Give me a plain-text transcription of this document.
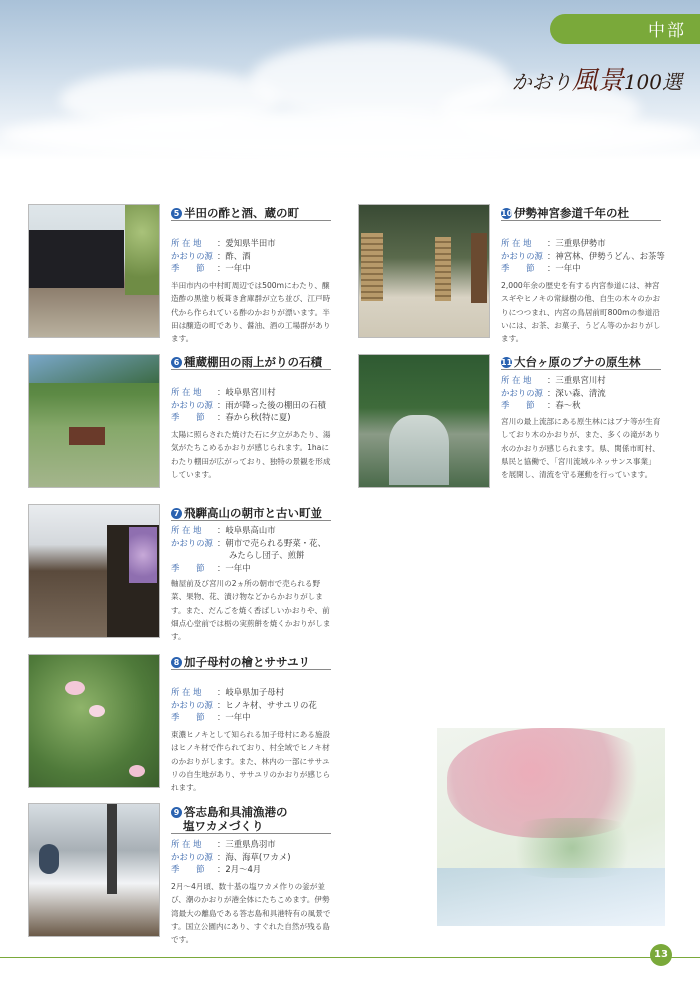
中部
かおり風景100選
5 半田の酢と酒、蔵の町
所 在 地 ：愛知県半田市
かおりの源 ：酢、酒
季　　節 ：一年中
半田市内の中村町周辺では500mにわたり、醸造酢の黒塗り板葺き倉庫群が立ち並び、江戸時代から作られている酢のかおりが漂います。半田は醸造の町であり、醤油、酒の工場群があります。
6 種蔵棚田の雨上がりの石積
所 在 地 ：岐阜県宮川村
かおりの源 ：雨が降った後の棚田の石積
季　　節 ：春から秋(特に夏)
太陽に照らされた焼けた石に夕立があたり、湯気がたちこめるかおりが感じられます。1haにわたり棚田が広がっており、独特の景観を形成しています。
7 飛騨高山の朝市と古い町並
所 在 地 ：岐阜県高山市
かおりの源 ：朝市で売られる野菜・花、
みたらし団子、煎餅
季　　節 ：一年中
軸屋前及び宮川の2ヵ所の朝市で売られる野菜、果物、花、漬け物などからかおりがします。また、だんごを焼く香ばしいかおりや、前畑点心堂前では栃の実煎餅を焼くかおりがします。
8 加子母村の檜とササユリ
所 在 地 ：岐阜県加子母村
かおりの源 ：ヒノキ材、ササユリの花
季　　節 ：一年中
東濃ヒノキとして知られる加子母村にある施設はヒノキ材で作られており、村全域でヒノキ材のかおりがします。また、林内の一部にササユリの自生地があり、ササユリのかおりが感じられます。
9 答志島和具浦漁港の
塩ワカメづくり
所 在 地 ：三重県鳥羽市
かおりの源 ：海、海草(ワカメ)
季　　節 ：2月～4月
2月～4月頃、数十基の塩ワカメ作りの釜が並び、潮のかおりが港全体にたちこめます。伊勢湾最大の離島である答志島和具港特有の風景です。国立公園内にあり、すぐれた自然が残る島です。
10 伊勢神宮参道千年の杜
所 在 地 ：三重県伊勢市
かおりの源 ：神宮林、伊勢うどん、お茶等
季　　節 ：一年中
2,000年余の歴史を有する内宮参道には、神宮スギやヒノキの常緑樹の他、自生の木々のかおりにつつまれ、内宮の鳥居前町800mの参道沿いには、お茶、お菓子、うどん等のかおりがします。
11 大台ヶ原のブナの原生林
所 在 地 ：三重県宮川村
かおりの源 ：深い森、清流
季　　節 ：春～秋
宮川の最上流部にある原生林にはブナ等が生育しており木のかおりが、また、多くの滝があり水のかおりが感じられます。県、関係市町村、県民と協働で、「宮川流域ルネッサンス事業」を展開し、清流を守る運動を行っています。
13
